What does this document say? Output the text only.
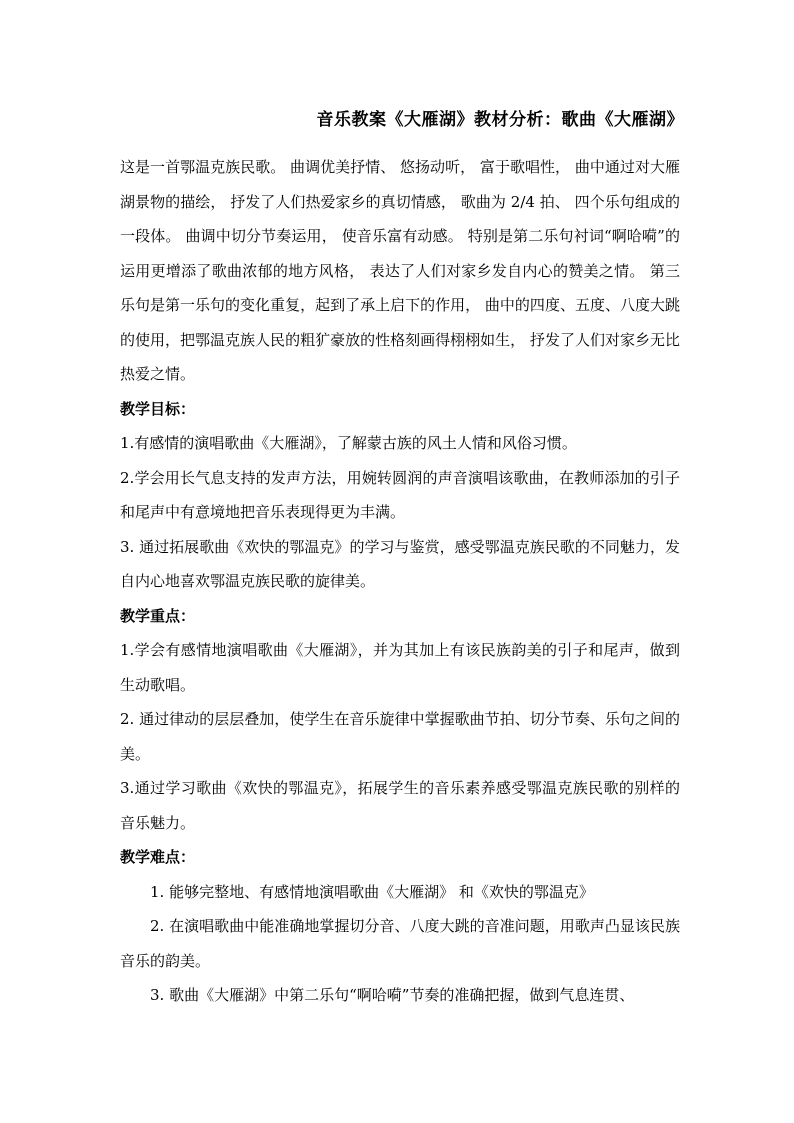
音乐教案《大雁湖》教材分析：歌曲《大雁湖》

这是一首鄂温克族民歌。 曲调优美抒情、 悠扬动听， 富于歌唱性， 曲中通过对大雁湖景物的描绘， 抒发了人们热爱家乡的真切情感， 歌曲为 2/4 拍、 四个乐句组成的一段体。 曲调中切分节奏运用， 使音乐富有动感。 特别是第二乐句衬词“啊哈嗬”的运用更增添了歌曲浓郁的地方风格， 表达了人们对家乡发自内心的赞美之情。 第三乐句是第一乐句的变化重复，起到了承上启下的作用， 曲中的四度、五度、八度大跳的使用，把鄂温克族人民的粗犷豪放的性格刻画得栩栩如生， 抒发了人们对家乡无比热爱之情。

教学目标：

1.有感情的演唱歌曲《大雁湖》，了解蒙古族的风土人情和风俗习惯。

2.学会用长气息支持的发声方法，用婉转圆润的声音演唱该歌曲，在教师添加的引子和尾声中有意境地把音乐表现得更为丰满。

3. 通过拓展歌曲《欢快的鄂温克》的学习与鉴赏，感受鄂温克族民歌的不同魅力，发自内心地喜欢鄂温克族民歌的旋律美。

教学重点：

1.学会有感情地演唱歌曲《大雁湖》，并为其加上有该民族韵美的引子和尾声，做到生动歌唱。

2. 通过律动的层层叠加，使学生在音乐旋律中掌握歌曲节拍、切分节奏、乐句之间的美。

3.通过学习歌曲《欢快的鄂温克》，拓展学生的音乐素养感受鄂温克族民歌的别样的音乐魅力。

教学难点：

1. 能够完整地、有感情地演唱歌曲《大雁湖》 和《欢快的鄂温克》

2. 在演唱歌曲中能准确地掌握切分音、八度大跳的音准问题，用歌声凸显该民族音乐的韵美。

3. 歌曲《大雁湖》中第二乐句“啊哈嗬”节奏的准确把握，做到气息连贯、
